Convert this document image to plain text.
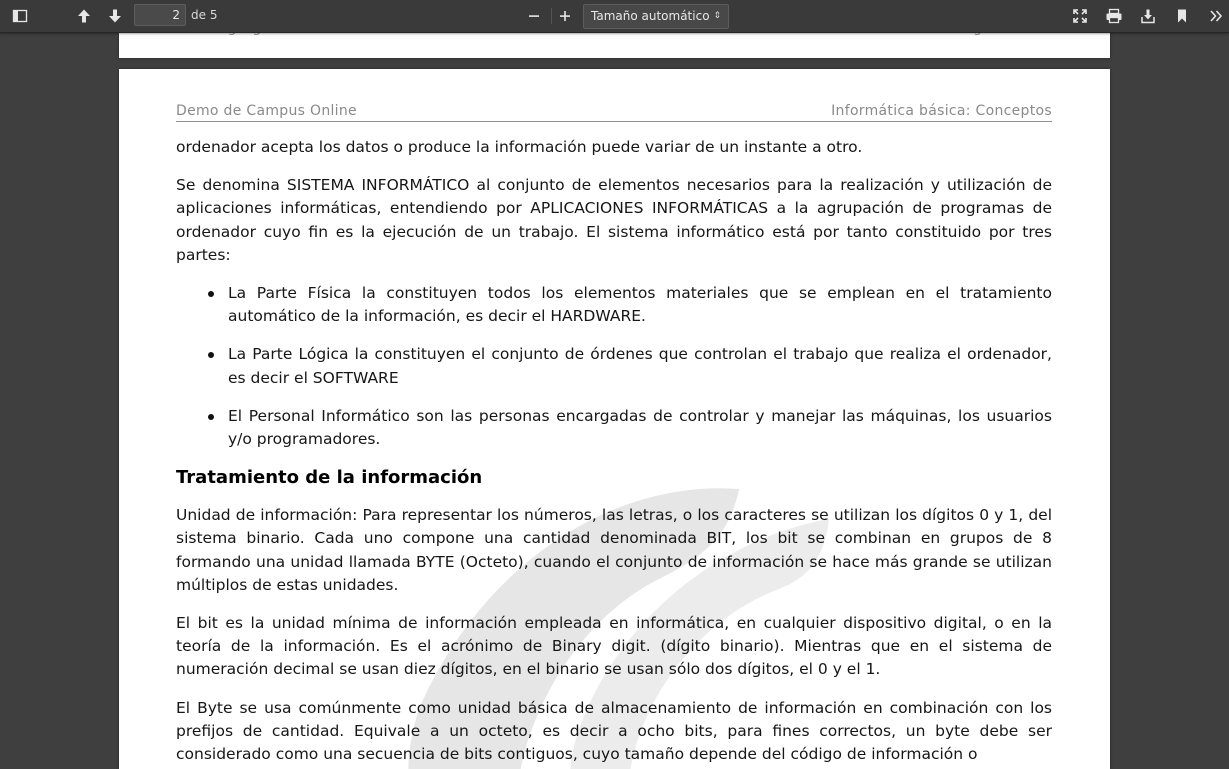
2 de 5	Tamaño automático ⇕
Demo de Campus Online	Informática básica: Conceptos

ordenador acepta los datos o produce la información puede variar de un instante a otro.

Se denomina SISTEMA INFORMÁTICO al conjunto de elementos necesarios para la realización y utilización de aplicaciones informáticas, entendiendo por APLICACIONES INFORMÁTICAS a la agrupación de programas de ordenador cuyo fin es la ejecución de un trabajo. El sistema informático está por tanto constituido por tres partes:

La Parte Física la constituyen todos los elementos materiales que se emplean en el tratamiento automático de la información, es decir el HARDWARE.
La Parte Lógica la constituyen el conjunto de órdenes que controlan el trabajo que realiza el ordenador, es decir el SOFTWARE
El Personal Informático son las personas encargadas de controlar y manejar las máquinas, los usuarios y/o programadores.
Tratamiento de la información

Unidad de información: Para representar los números, las letras, o los caracteres se utilizan los dígitos 0 y 1, del sistema binario. Cada uno compone una cantidad denominada BIT, los bit se combinan en grupos de 8 formando una unidad llamada BYTE (Octeto), cuando el conjunto de información se hace más grande se utilizan múltiplos de estas unidades.

El bit es la unidad mínima de información empleada en informática, en cualquier dispositivo digital, o en la teoría de la información. Es el acrónimo de Binary digit. (dígito binario). Mientras que en el sistema de numeración decimal se usan diez dígitos, en el binario se usan sólo dos dígitos, el 0 y el 1.

El Byte se usa comúnmente como unidad básica de almacenamiento de información en combinación con los prefijos de cantidad. Equivale a un octeto, es decir a ocho bits, para fines correctos, un byte debe ser considerado como una secuencia de bits contiguos, cuyo tamaño depende del código de información o
